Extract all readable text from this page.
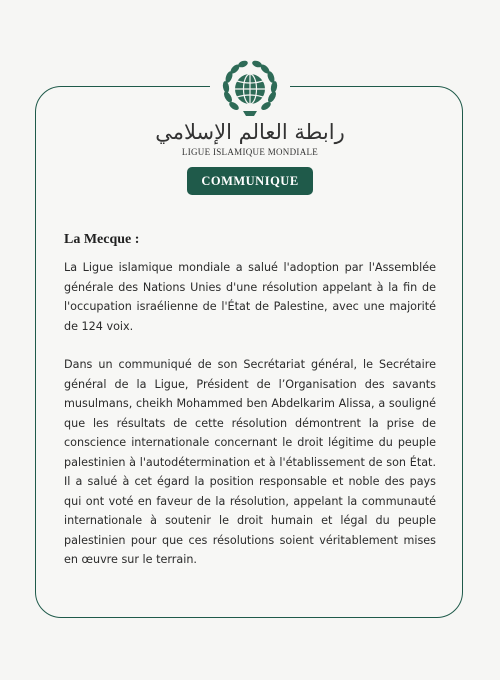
رابطة العالم الإسلامي
LIGUE ISLAMIQUE MONDIALE
COMMUNIQUE
La Mecque :

La Ligue islamique mondiale a salué l'adoption par l'Assemblée générale des Nations Unies d'une résolution appelant à la fin de l'occupation israélienne de l'État de Palestine, avec une majorité de 124 voix.

Dans un communiqué de son Secrétariat général, le Secrétaire général de la Ligue, Président de l’Organisation des savants musulmans, cheikh Mohammed ben Abdelkarim Alissa, a souligné que les résultats de cette résolution démontrent la prise de conscience internationale concernant le droit légitime du peuple palestinien à l'autodétermination et à l'établissement de son État. Il a salué à cet égard la position responsable et noble des pays qui ont voté en faveur de la résolution, appelant la communauté internationale à soutenir le droit humain et légal du peuple palestinien pour que ces résolutions soient véritablement mises en œuvre sur le terrain.
